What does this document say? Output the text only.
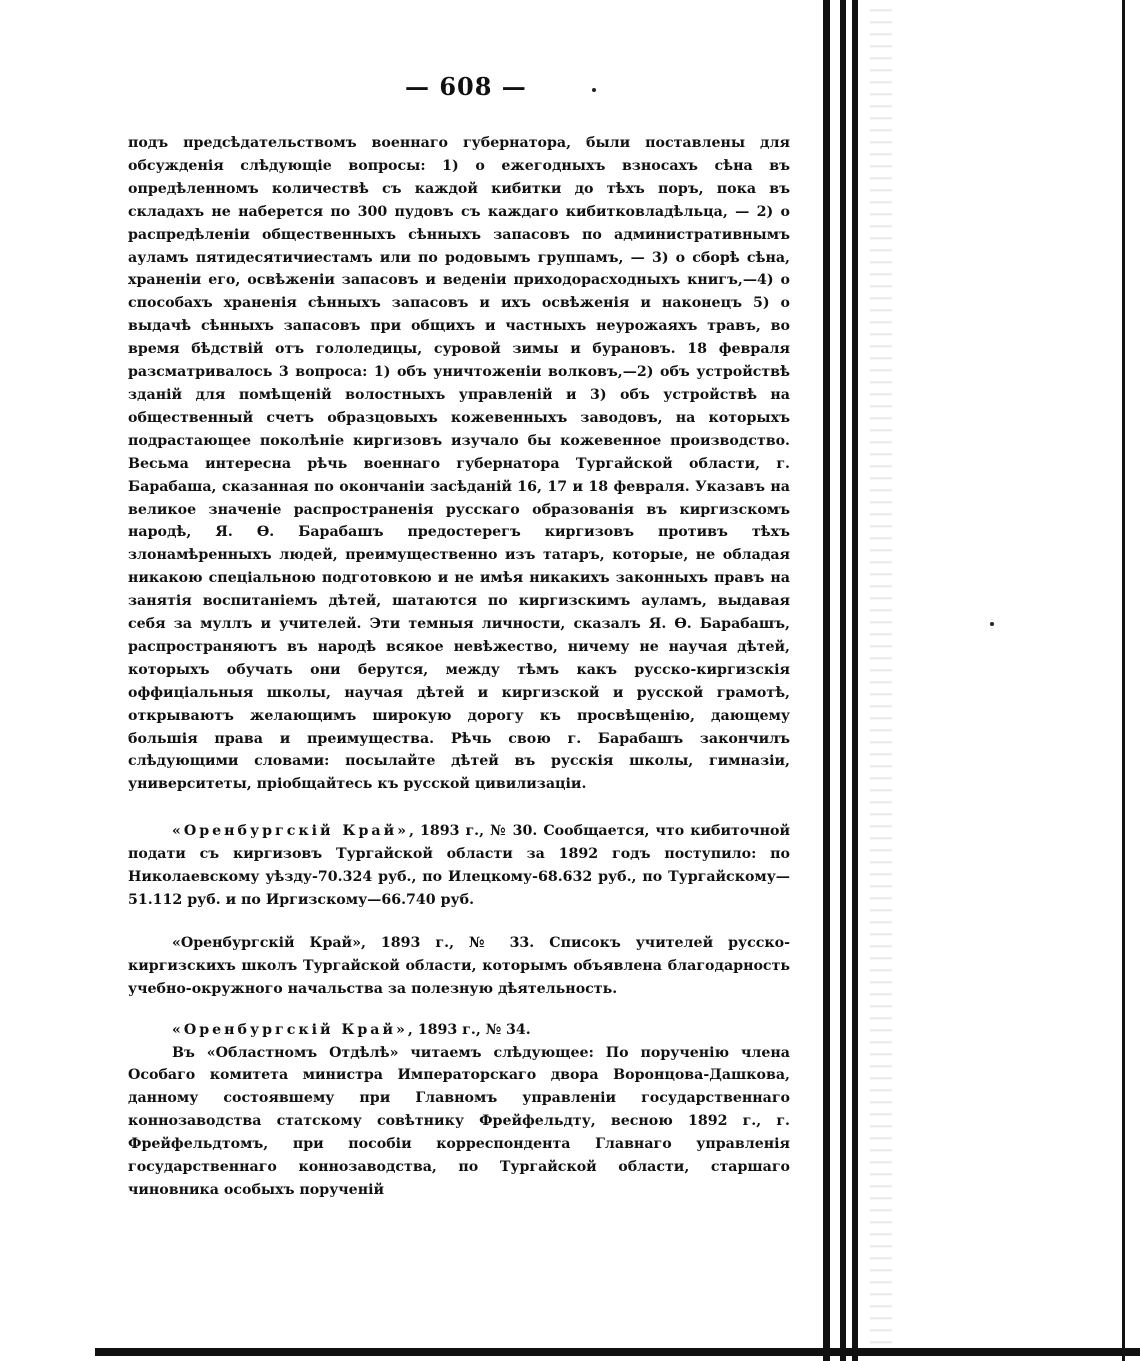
— 608 —

подъ предсѣдательствомъ военнаго губернатора, были поставлены для обсужденія слѣдующіе вопросы: 1) о ежегодныхъ взносахъ сѣна въ опредѣленномъ количествѣ съ каждой кибитки до тѣхъ поръ, пока въ складахъ не наберется по 300 пудовъ съ каждаго кибитковладѣльца, — 2) о распредѣленіи общественныхъ сѣнныхъ запасовъ по административнымъ ауламъ пятидесятичиестамъ или по родовымъ группамъ, — 3) о сборѣ сѣна, храненіи его, освѣженіи запасовъ и веденіи приходорасходныхъ книгъ,—4) о способахъ храненія сѣнныхъ запасовъ и ихъ освѣженія и наконецъ 5) о выдачѣ сѣнныхъ запасовъ при общихъ и частныхъ неурожаяхъ травъ, во время бѣдствій отъ гололедицы, суровой зимы и бурановъ. 18 февраля разсматривалось 3 вопроса: 1) объ уничтоженіи волковъ,—2) объ устройствѣ зданій для помѣщеній волостныхъ управленій и 3) объ устройствѣ на общественный счетъ образцовыхъ кожевенныхъ заводовъ, на которыхъ подрастающее поколѣніе киргизовъ изучало бы кожевенное производство. Весьма интересна рѣчь военнаго губернатора Тургайской области, г. Барабаша, сказанная по окончаніи засѣданій 16, 17 и 18 февраля. Указавъ на великое значеніе распространенія русскаго образованія въ киргизскомъ народѣ, Я. Ѳ. Барабашъ предостерегъ киргизовъ противъ тѣхъ злонамѣренныхъ людей, преимущественно изъ татаръ, которые, не обладая никакою спеціальною подготовкою и не имѣя никакихъ законныхъ правъ на занятія воспитаніемъ дѣтей, шатаются по киргизскимъ ауламъ, выдавая себя за муллъ и учителей. Эти темныя личности, сказалъ Я. Ѳ. Барабашъ, распространяютъ въ народѣ всякое невѣжество, ничему не научая дѣтей, которыхъ обучать они берутся, между тѣмъ какъ русско-киргизскія оффиціальныя школы, научая дѣтей и киргизской и русской грамотѣ, открываютъ желающимъ широкую дорогу къ просвѣщенію, дающему большія права и преимущества. Рѣчь свою г. Барабашъ закончилъ слѣдующими словами: посылайте дѣтей въ русскія школы, гимназіи, университеты, пріобщайтесь къ русской цивилизаціи.

«Оренбургскій Край», 1893 г., № 30. Сообщается, что кибиточной подати съ киргизовъ Тургайской области за 1892 годъ поступило: по Николаевскому уѣзду-70.324 руб., по Илецкому-68.632 руб., по Тургайскому—51.112 руб. и по Иргизскому—66.740 руб.

«Оренбургскій Край», 1893 г., № 33. Списокъ учителей русско-киргизскихъ школъ Тургайской области, которымъ объявлена благодарность учебно-окружного начальства за полезную дѣятельность.

«Оренбургскій Край», 1893 г., № 34.

Въ «Областномъ Отдѣлѣ» читаемъ слѣдующее: По порученію члена Особаго комитета министра Императорскаго двора Воронцова-Дашкова, данному состоявшему при Главномъ управленіи государственнаго коннозаводства статскому совѣтнику Фрейфельдту, весною 1892 г., г. Фрейфельдтомъ, при пособіи корреспондента Главнаго управленія государственнаго коннозаводства, по Тургайской области, старшаго чиновника особыхъ порученій
